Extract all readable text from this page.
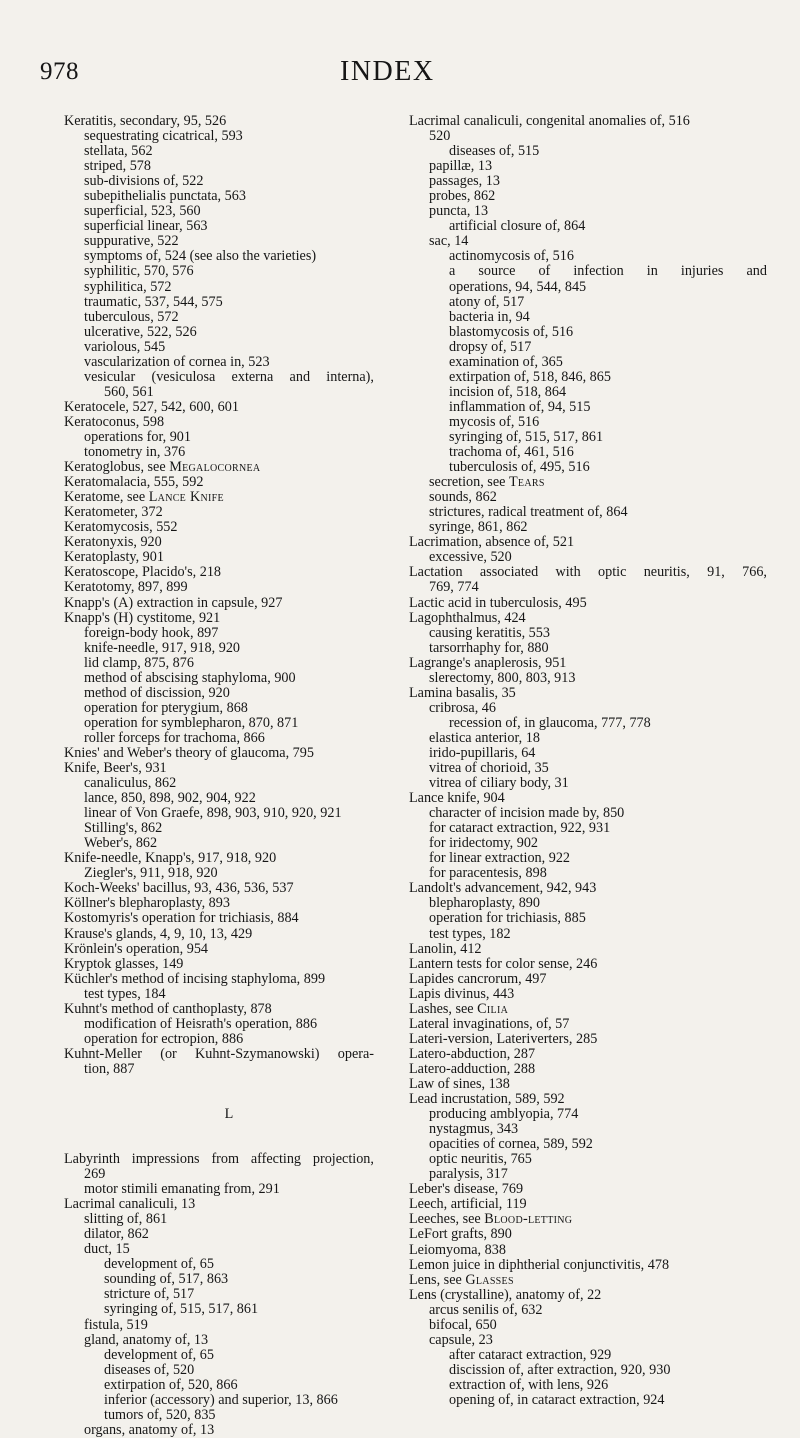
978	INDEX
Keratitis, secondary, 95, 526
sequestrating cicatrical, 593
stellata, 562
striped, 578
sub-divisions of, 522
subepithelialis punctata, 563
superficial, 523, 560
superficial linear, 563
suppurative, 522
symptoms of, 524 (see also the varieties)
syphilitic, 570, 576
syphilitica, 572
traumatic, 537, 544, 575
tuberculous, 572
ulcerative, 522, 526
variolous, 545
vascularization of cornea in, 523
vesicular (vesiculosa externa and interna),
560, 561
Keratocele, 527, 542, 600, 601
Keratoconus, 598
operations for, 901
tonometry in, 376
Keratoglobus, see Megalocornea
Keratomalacia, 555, 592
Keratome, see Lance Knife
Keratometer, 372
Keratomycosis, 552
Keratonyxis, 920
Keratoplasty, 901
Keratoscope, Placido's, 218
Keratotomy, 897, 899
Knapp's (A) extraction in capsule, 927
Knapp's (H) cystitome, 921
foreign-body hook, 897
knife-needle, 917, 918, 920
lid clamp, 875, 876
method of abscising staphyloma, 900
method of discission, 920
operation for pterygium, 868
operation for symblepharon, 870, 871
roller forceps for trachoma, 866
Knies' and Weber's theory of glaucoma, 795
Knife, Beer's, 931
canaliculus, 862
lance, 850, 898, 902, 904, 922
linear of Von Graefe, 898, 903, 910, 920, 921
Stilling's, 862
Weber's, 862
Knife-needle, Knapp's, 917, 918, 920
Ziegler's, 911, 918, 920
Koch-Weeks' bacillus, 93, 436, 536, 537
Köllner's blepharoplasty, 893
Kostomyris's operation for trichiasis, 884
Krause's glands, 4, 9, 10, 13, 429
Krönlein's operation, 954
Kryptok glasses, 149
Küchler's method of incising staphyloma, 899
test types, 184
Kuhnt's method of canthoplasty, 878
modification of Heisrath's operation, 886
operation for ectropion, 886
Kuhnt-Meller (or Kuhnt-Szymanowski) opera-
tion, 887
L
Labyrinth impressions from affecting projection,
269
motor stimili emanating from, 291
Lacrimal canaliculi, 13
slitting of, 861
dilator, 862
duct, 15
development of, 65
sounding of, 517, 863
stricture of, 517
syringing of, 515, 517, 861
fistula, 519
gland, anatomy of, 13
development of, 65
diseases of, 520
extirpation of, 520, 866
inferior (accessory) and superior, 13, 866
tumors of, 520, 835
organs, anatomy of, 13
Lacrimal canaliculi, congenital anomalies of, 516
520
diseases of, 515
papillæ, 13
passages, 13
probes, 862
puncta, 13
artificial closure of, 864
sac, 14
actinomycosis of, 516
a source of infection in injuries and
operations, 94, 544, 845
atony of, 517
bacteria in, 94
blastomycosis of, 516
dropsy of, 517
examination of, 365
extirpation of, 518, 846, 865
incision of, 518, 864
inflammation of, 94, 515
mycosis of, 516
syringing of, 515, 517, 861
trachoma of, 461, 516
tuberculosis of, 495, 516
secretion, see Tears
sounds, 862
strictures, radical treatment of, 864
syringe, 861, 862
Lacrimation, absence of, 521
excessive, 520
Lactation associated with optic neuritis, 91, 766,
769, 774
Lactic acid in tuberculosis, 495
Lagophthalmus, 424
causing keratitis, 553
tarsorrhaphy for, 880
Lagrange's anaplerosis, 951
slerectomy, 800, 803, 913
Lamina basalis, 35
cribrosa, 46
recession of, in glaucoma, 777, 778
elastica anterior, 18
irido-pupillaris, 64
vitrea of chorioid, 35
vitrea of ciliary body, 31
Lance knife, 904
character of incision made by, 850
for cataract extraction, 922, 931
for iridectomy, 902
for linear extraction, 922
for paracentesis, 898
Landolt's advancement, 942, 943
blepharoplasty, 890
operation for trichiasis, 885
test types, 182
Lanolin, 412
Lantern tests for color sense, 246
Lapides cancrorum, 497
Lapis divinus, 443
Lashes, see Cilia
Lateral invaginations, of, 57
Lateri-version, Lateriverters, 285
Latero-abduction, 287
Latero-adduction, 288
Law of sines, 138
Lead incrustation, 589, 592
producing amblyopia, 774
nystagmus, 343
opacities of cornea, 589, 592
optic neuritis, 765
paralysis, 317
Leber's disease, 769
Leech, artificial, 119
Leeches, see Blood-letting
LeFort grafts, 890
Leiomyoma, 838
Lemon juice in diphtherial conjunctivitis, 478
Lens, see Glasses
Lens (crystalline), anatomy of, 22
arcus senilis of, 632
bifocal, 650
capsule, 23
after cataract extraction, 929
discission of, after extraction, 920, 930
extraction of, with lens, 926
opening of, in cataract extraction, 924
